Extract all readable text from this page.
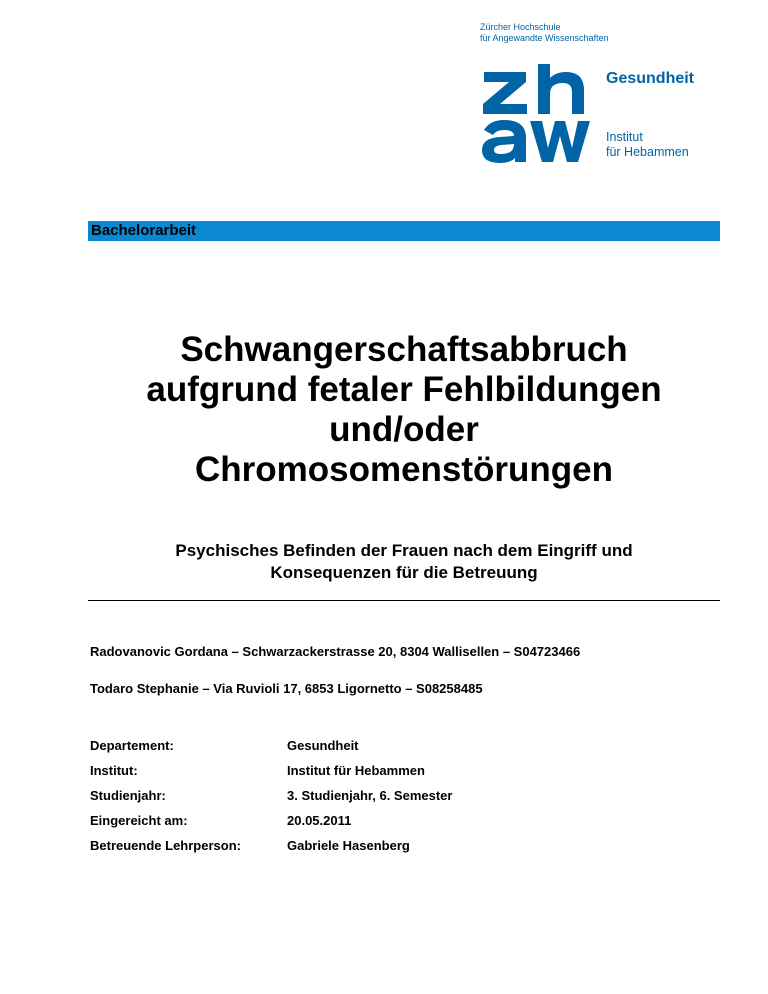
Zürcher Hochschule
für Angewandte Wissenschaften
Gesundheit
Institut
für Hebammen
Bachelorarbeit
Schwangerschaftsabbruch
aufgrund fetaler Fehlbildungen
und/oder
Chromosomenstörungen
Psychisches Befinden der Frauen nach dem Eingriff und
Konsequenzen für die Betreuung
Radovanovic Gordana – Schwarzackerstrasse 20, 8304 Wallisellen – S04723466
Todaro Stephanie – Via Ruvioli 17, 6853 Ligornetto – S08258485
Departement:	Gesundheit
Institut:	Institut für Hebammen
Studienjahr:	3. Studienjahr, 6. Semester
Eingereicht am:	20.05.2011
Betreuende Lehrperson:	Gabriele Hasenberg
